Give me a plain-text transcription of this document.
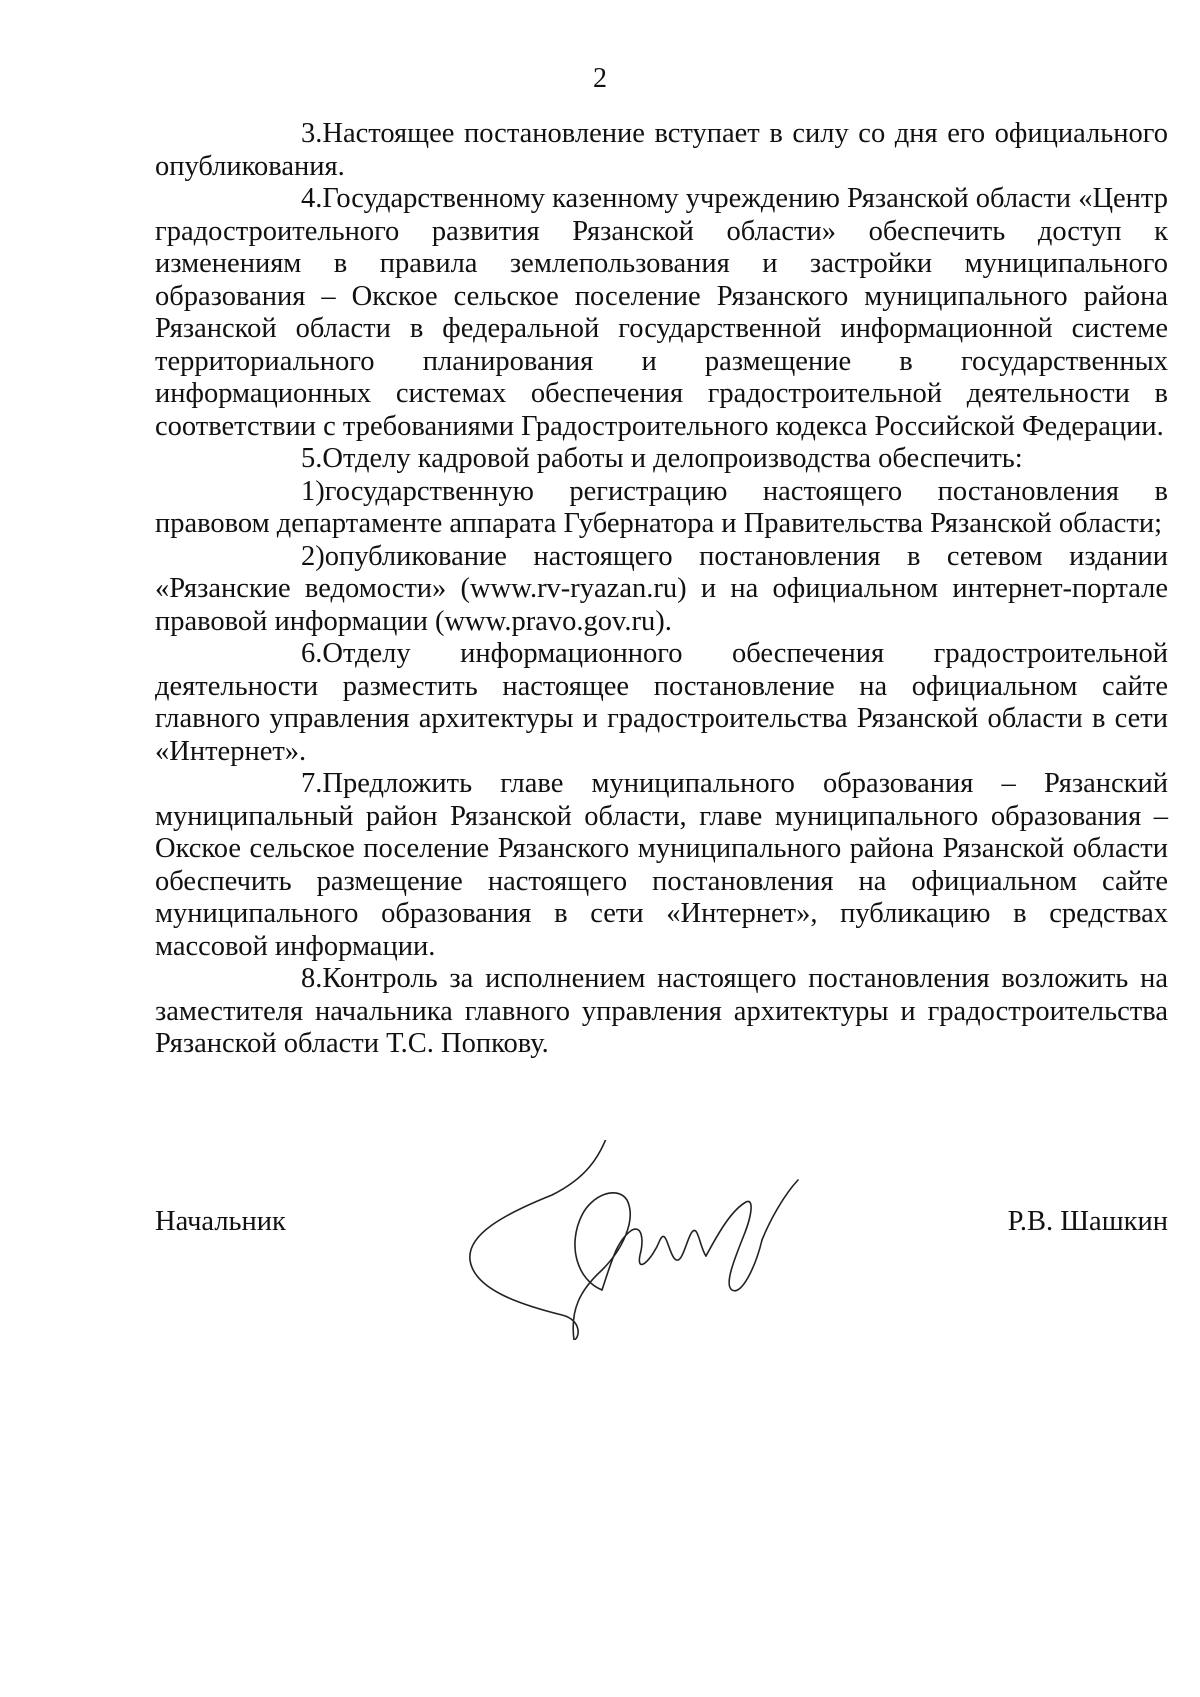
2

3.Настоящее постановление вступает в силу со дня его официального опубликования.

4.Государственному казенному учреждению Рязанской области «Центр градостроительного развития Рязанской области» обеспечить доступ к изменениям в правила землепользования и застройки муниципального образования – Окское сельское поселение Рязанского муниципального района Рязанской области в федеральной государственной информационной системе территориального планирования и размещение в государственных информационных системах обеспечения градостроительной деятельности в соответствии с требованиями Градостроительного кодекса Российской Федерации.

5.Отделу кадровой работы и делопроизводства обеспечить:

1)государственную регистрацию настоящего постановления в правовом департаменте аппарата Губернатора и Правительства Рязанской области;

2)опубликование настоящего постановления в сетевом издании «Рязанские ведомости» (www.rv-ryazan.ru) и на официальном интернет-портале правовой информации (www.pravo.gov.ru).

6.Отделу информационного обеспечения градостроительной деятельности разместить настоящее постановление на официальном сайте главного управления архитектуры и градостроительства Рязанской области в сети «Интернет».

7.Предложить главе муниципального образования – Рязанский муниципальный район Рязанской области, главе муниципального образования – Окское сельское поселение Рязанского муниципального района Рязанской области обеспечить размещение настоящего постановления на официальном сайте муниципального образования в сети «Интернет», публикацию в средствах массовой информации.

8.Контроль за исполнением настоящего постановления возложить на заместителя начальника главного управления архитектуры и градостроительства Рязанской области Т.С. Попкову.

Начальник	Р.В. Шашкин
